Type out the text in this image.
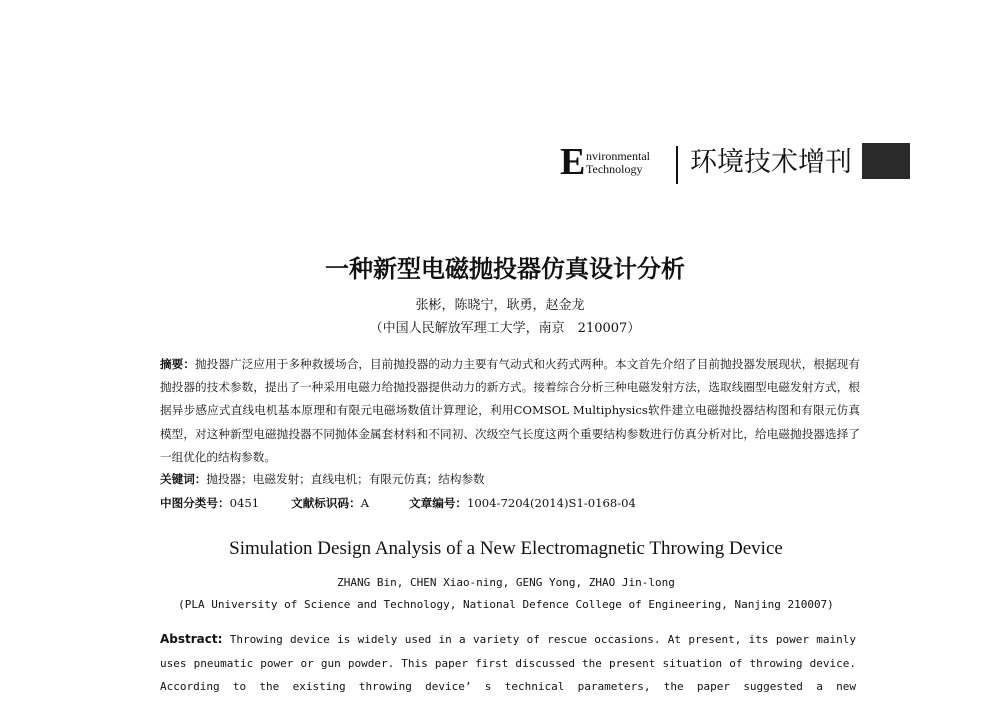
E nvironmental
Technology 环境技术增刊
一种新型电磁抛投器仿真设计分析
张彬，陈晓宁，耿勇，赵金龙
（中国人民解放军理工大学，南京　210007）
摘要：抛投器广泛应用于多种救援场合，目前抛投器的动力主要有气动式和火药式两种。本文首先介绍了目前抛投器发展现状，根据现有抛投器的技术参数，提出了一种采用电磁力给抛投器提供动力的新方式。接着综合分析三种电磁发射方法，选取线圈型电磁发射方式，根据异步感应式直线电机基本原理和有限元电磁场数值计算理论，利用COMSOL Multiphysics软件建立电磁抛投器结构图和有限元仿真模型，对这种新型电磁抛投器不同抛体金属套材料和不同初、次级空气长度这两个重要结构参数进行仿真分析对比，给电磁抛投器选择了一组优化的结构参数。
关键词：抛投器；电磁发射；直线电机；有限元仿真；结构参数
中图分类号：0451	文献标识码：A	文章编号：1004-7204(2014)S1-0168-04
Simulation Design Analysis of a New Electromagnetic Throwing Device
ZHANG Bin, CHEN Xiao-ning, GENG Yong, ZHAO Jin-long
(PLA University of Science and Technology, National Defence College of Engineering, Nanjing 210007)
Abstract: Throwing device is widely used in a variety of rescue occasions. At present, its power mainly uses pneumatic power or gun powder. This paper first discussed the present situation of throwing device. According to the existing throwing device’ s technical parameters, the paper suggested a new
